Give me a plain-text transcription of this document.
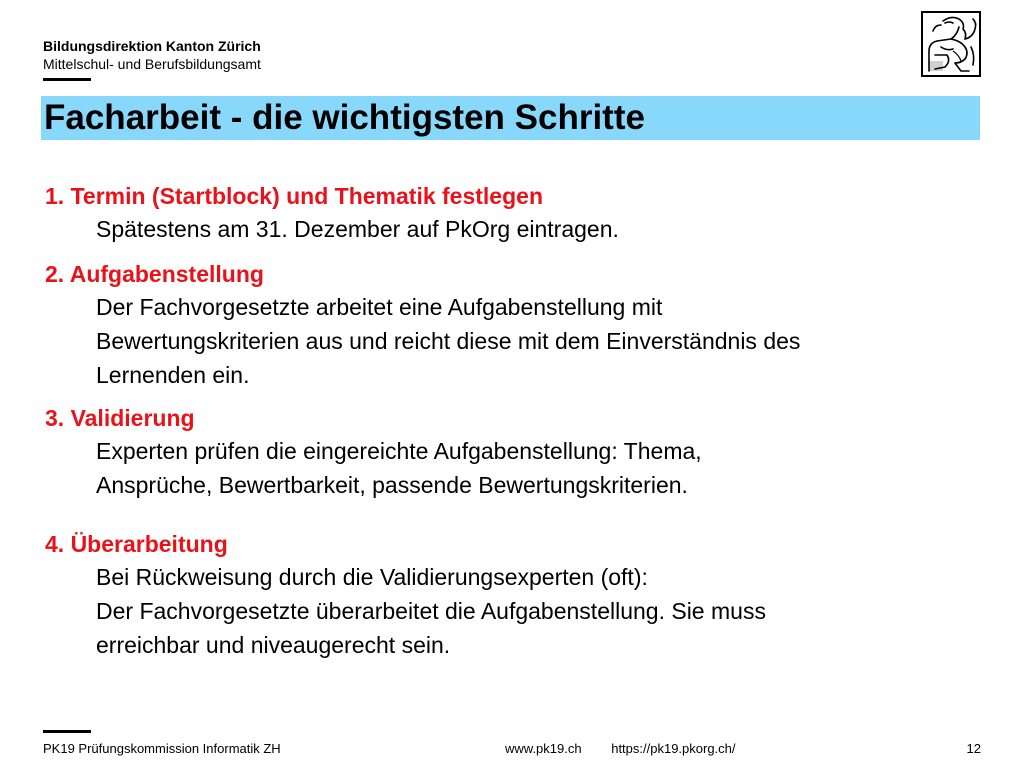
Bildungsdirektion Kanton Zürich
Mittelschul- und Berufsbildungsamt
Facharbeit - die wichtigsten Schritte
1. Termin (Startblock) und Thematik festlegen
Spätestens am 31. Dezember auf PkOrg eintragen.
2. Aufgabenstellung
Der Fachvorgesetzte arbeitet eine Aufgabenstellung mit
Bewertungskriterien aus und reicht diese mit dem Einverständnis des
Lernenden ein.
3. Validierung
Experten prüfen die eingereichte Aufgabenstellung: Thema,
Ansprüche, Bewertbarkeit, passende Bewertungskriterien.
4. Überarbeitung
Bei Rückweisung durch die Validierungsexperten (oft):
Der Fachvorgesetzte überarbeitet die Aufgabenstellung. Sie muss
erreichbar und niveaugerecht sein.
PK19 Prüfungskommission Informatik ZH	www.pk19.ch https://pk19.pkorg.ch/	12
